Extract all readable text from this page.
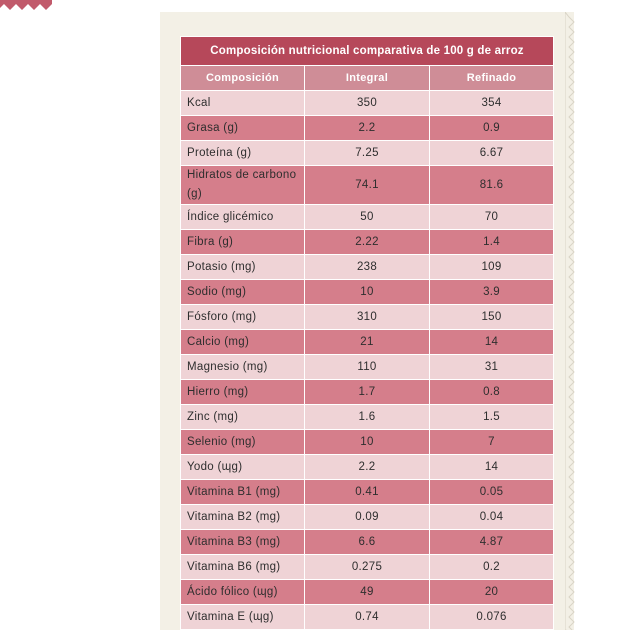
Composición nutricional comparativa de 100 g de arroz		
Composición	Integral	Refinado
Kcal	350	354
Grasa (g)	2.2	0.9
Proteína (g)	7.25	6.67
Hidratos de carbono (g)	74.1	81.6
Índice glicémico	50	70
Fibra (g)	2.22	1.4
Potasio (mg)	238	109
Sodio (mg)	10	3.9
Fósforo (mg)	310	150
Calcio (mg)	21	14
Magnesio (mg)	110	31
Hierro (mg)	1.7	0.8
Zinc (mg)	1.6	1.5
Selenio (mg)	10	7
Yodo (ɰg)	2.2	14
Vitamina B1 (mg)	0.41	0.05
Vitamina B2 (mg)	0.09	0.04
Vitamina B3 (mg)	6.6	4.87
Vitamina B6 (mg)	0.275	0.2
Ácido fólico (ɰg)	49	20
Vitamina E (ɰg)	0.74	0.076
